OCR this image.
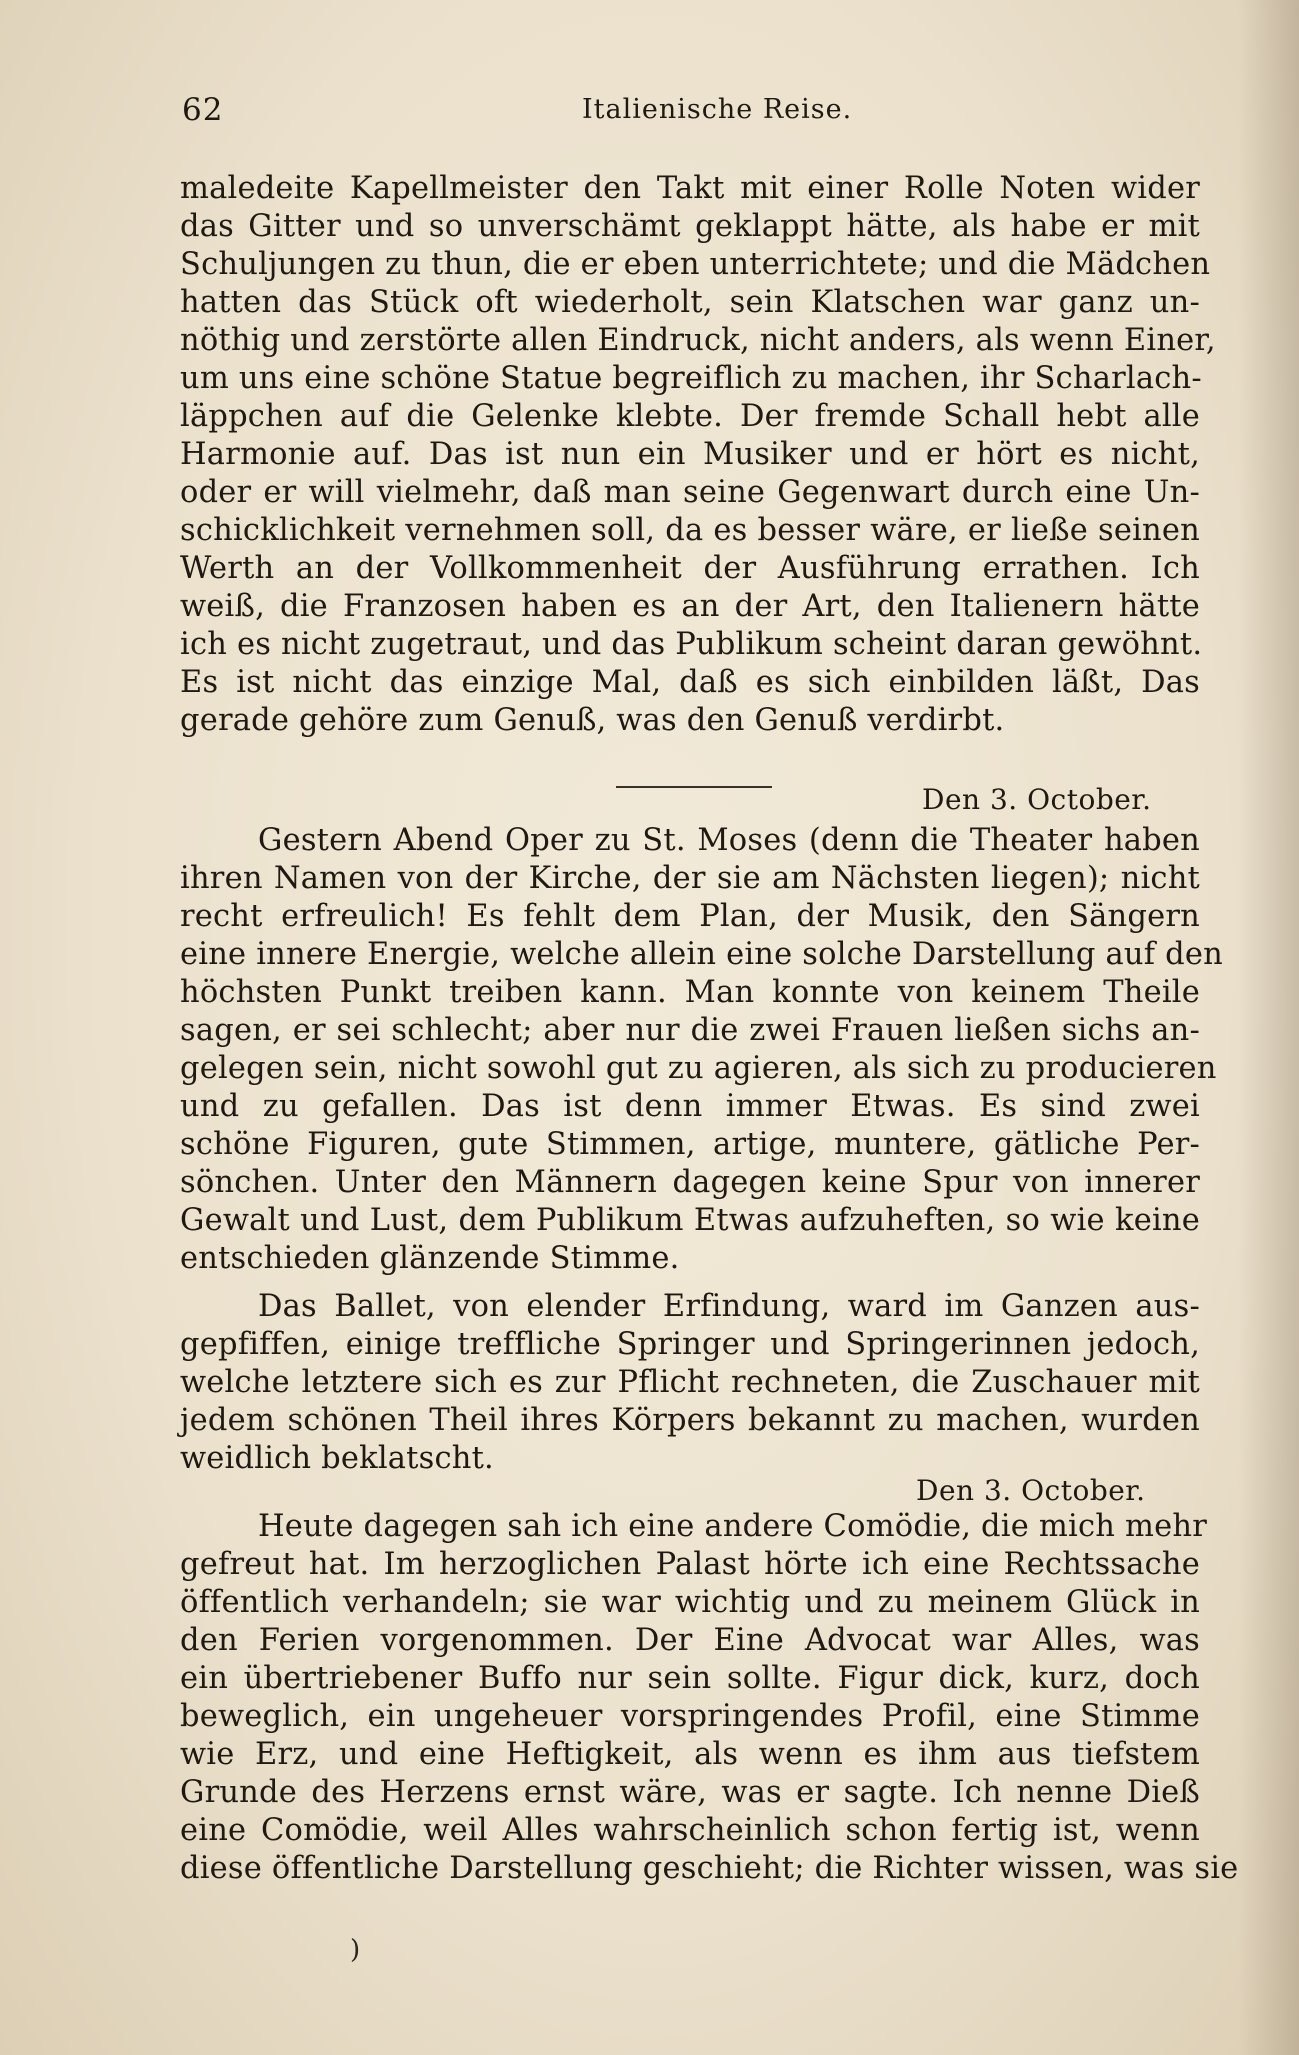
62	Italienische Reise.
maledeite Kapellmeister den Takt mit einer Rolle Noten wider
das Gitter und so unverschämt geklappt hätte, als habe er mit
Schuljungen zu thun, die er eben unterrichtete; und die Mädchen
hatten das Stück oft wiederholt, sein Klatschen war ganz un-
nöthig und zerstörte allen Eindruck, nicht anders, als wenn Einer,
um uns eine schöne Statue begreiflich zu machen, ihr Scharlach-
läppchen auf die Gelenke klebte. Der fremde Schall hebt alle
Harmonie auf. Das ist nun ein Musiker und er hört es nicht,
oder er will vielmehr, daß man seine Gegenwart durch eine Un-
schicklichkeit vernehmen soll, da es besser wäre, er ließe seinen
Werth an der Vollkommenheit der Ausführung errathen. Ich
weiß, die Franzosen haben es an der Art, den Italienern hätte
ich es nicht zugetraut, und das Publikum scheint daran gewöhnt.
Es ist nicht das einzige Mal, daß es sich einbilden läßt, Das
gerade gehöre zum Genuß, was den Genuß verdirbt.
Den 3. October.
Gestern Abend Oper zu St. Moses (denn die Theater haben
ihren Namen von der Kirche, der sie am Nächsten liegen); nicht
recht erfreulich! Es fehlt dem Plan, der Musik, den Sängern
eine innere Energie, welche allein eine solche Darstellung auf den
höchsten Punkt treiben kann. Man konnte von keinem Theile
sagen, er sei schlecht; aber nur die zwei Frauen ließen sichs an-
gelegen sein, nicht sowohl gut zu agieren, als sich zu producieren
und zu gefallen. Das ist denn immer Etwas. Es sind zwei
schöne Figuren, gute Stimmen, artige, muntere, gätliche Per-
sönchen. Unter den Männern dagegen keine Spur von innerer
Gewalt und Lust, dem Publikum Etwas aufzuheften, so wie keine
entschieden glänzende Stimme.
Das Ballet, von elender Erfindung, ward im Ganzen aus-
gepfiffen, einige treffliche Springer und Springerinnen jedoch,
welche letztere sich es zur Pflicht rechneten, die Zuschauer mit
jedem schönen Theil ihres Körpers bekannt zu machen, wurden
weidlich beklatscht.
Den 3. October.
Heute dagegen sah ich eine andere Comödie, die mich mehr
gefreut hat. Im herzoglichen Palast hörte ich eine Rechtssache
öffentlich verhandeln; sie war wichtig und zu meinem Glück in
den Ferien vorgenommen. Der Eine Advocat war Alles, was
ein übertriebener Buffo nur sein sollte. Figur dick, kurz, doch
beweglich, ein ungeheuer vorspringendes Profil, eine Stimme
wie Erz, und eine Heftigkeit, als wenn es ihm aus tiefstem
Grunde des Herzens ernst wäre, was er sagte. Ich nenne Dieß
eine Comödie, weil Alles wahrscheinlich schon fertig ist, wenn
diese öffentliche Darstellung geschieht; die Richter wissen, was sie
)
